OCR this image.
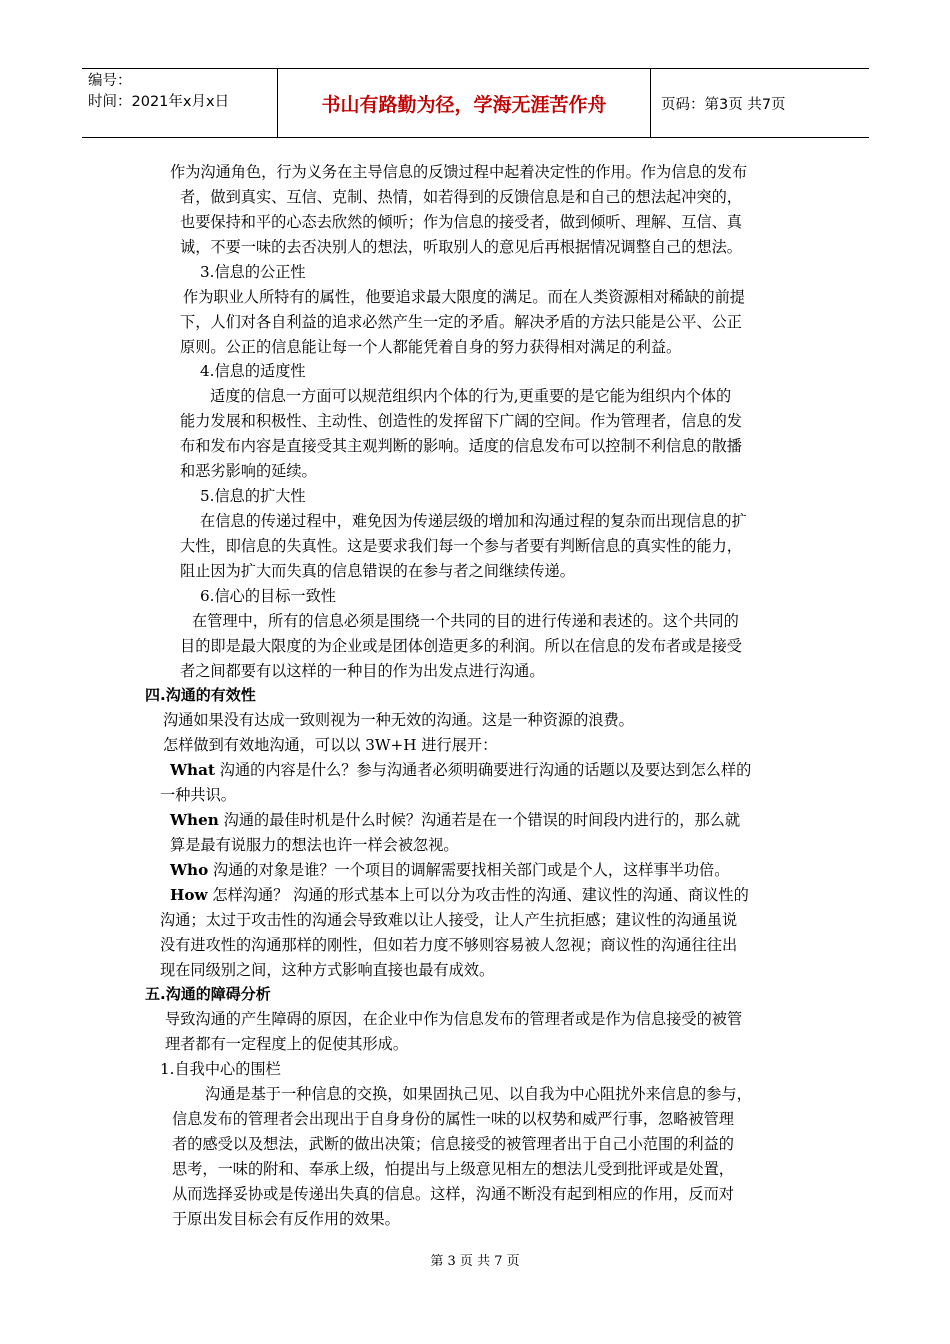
编号：
时间：2021年x月x日	书山有路勤为径，学海无涯苦作舟	页码：第3页 共7页
作为沟通角色，行为义务在主导信息的反馈过程中起着决定性的作用。作为信息的发布
者，做到真实、互信、克制、热情，如若得到的反馈信息是和自己的想法起冲突的，
也要保持和平的心态去欣然的倾听；作为信息的接受者，做到倾听、理解、互信、真
诚，不要一味的去否决别人的想法，听取别人的意见后再根据情况调整自己的想法。
3.信息的公正性
作为职业人所特有的属性，他要追求最大限度的满足。而在人类资源相对稀缺的前提
下，人们对各自利益的追求必然产生一定的矛盾。解决矛盾的方法只能是公平、公正
原则。公正的信息能让每一个人都能凭着自身的努力获得相对满足的利益。
4.信息的适度性
适度的信息一方面可以规范组织内个体的行为,更重要的是它能为组织内个体的
能力发展和积极性、主动性、创造性的发挥留下广阔的空间。作为管理者，信息的发
布和发布内容是直接受其主观判断的影响。适度的信息发布可以控制不利信息的散播
和恶劣影响的延续。
5.信息的扩大性
在信息的传递过程中，难免因为传递层级的增加和沟通过程的复杂而出现信息的扩
大性，即信息的失真性。这是要求我们每一个参与者要有判断信息的真实性的能力，
阻止因为扩大而失真的信息错误的在参与者之间继续传递。
6.信心的目标一致性
在管理中，所有的信息必须是围绕一个共同的目的进行传递和表述的。这个共同的
目的即是最大限度的为企业或是团体创造更多的利润。所以在信息的发布者或是接受
者之间都要有以这样的一种目的作为出发点进行沟通。
四.沟通的有效性
沟通如果没有达成一致则视为一种无效的沟通。这是一种资源的浪费。
怎样做到有效地沟通，可以以 3W+H 进行展开：
What 沟通的内容是什么？参与沟通者必须明确要进行沟通的话题以及要达到怎么样的
一种共识。
When 沟通的最佳时机是什么时候？沟通若是在一个错误的时间段内进行的，那么就
算是最有说服力的想法也许一样会被忽视。
Who 沟通的对象是谁？一个项目的调解需要找相关部门或是个人，这样事半功倍。
How 怎样沟通？ 沟通的形式基本上可以分为攻击性的沟通、建议性的沟通、商议性的
沟通；太过于攻击性的沟通会导致难以让人接受，让人产生抗拒感；建议性的沟通虽说
没有进攻性的沟通那样的刚性，但如若力度不够则容易被人忽视；商议性的沟通往往出
现在同级别之间，这种方式影响直接也最有成效。
五.沟通的障碍分析
导致沟通的产生障碍的原因，在企业中作为信息发布的管理者或是作为信息接受的被管
理者都有一定程度上的促使其形成。
1.自我中心的围栏
沟通是基于一种信息的交换，如果固执己见、以自我为中心阻扰外来信息的参与，
信息发布的管理者会出现出于自身身份的属性一味的以权势和威严行事，忽略被管理
者的感受以及想法，武断的做出决策；信息接受的被管理者出于自己小范围的利益的
思考，一味的附和、奉承上级，怕提出与上级意见相左的想法儿受到批评或是处置，
从而选择妥协或是传递出失真的信息。这样，沟通不断没有起到相应的作用，反而对
于原出发目标会有反作用的效果。
第 3 页 共 7 页
